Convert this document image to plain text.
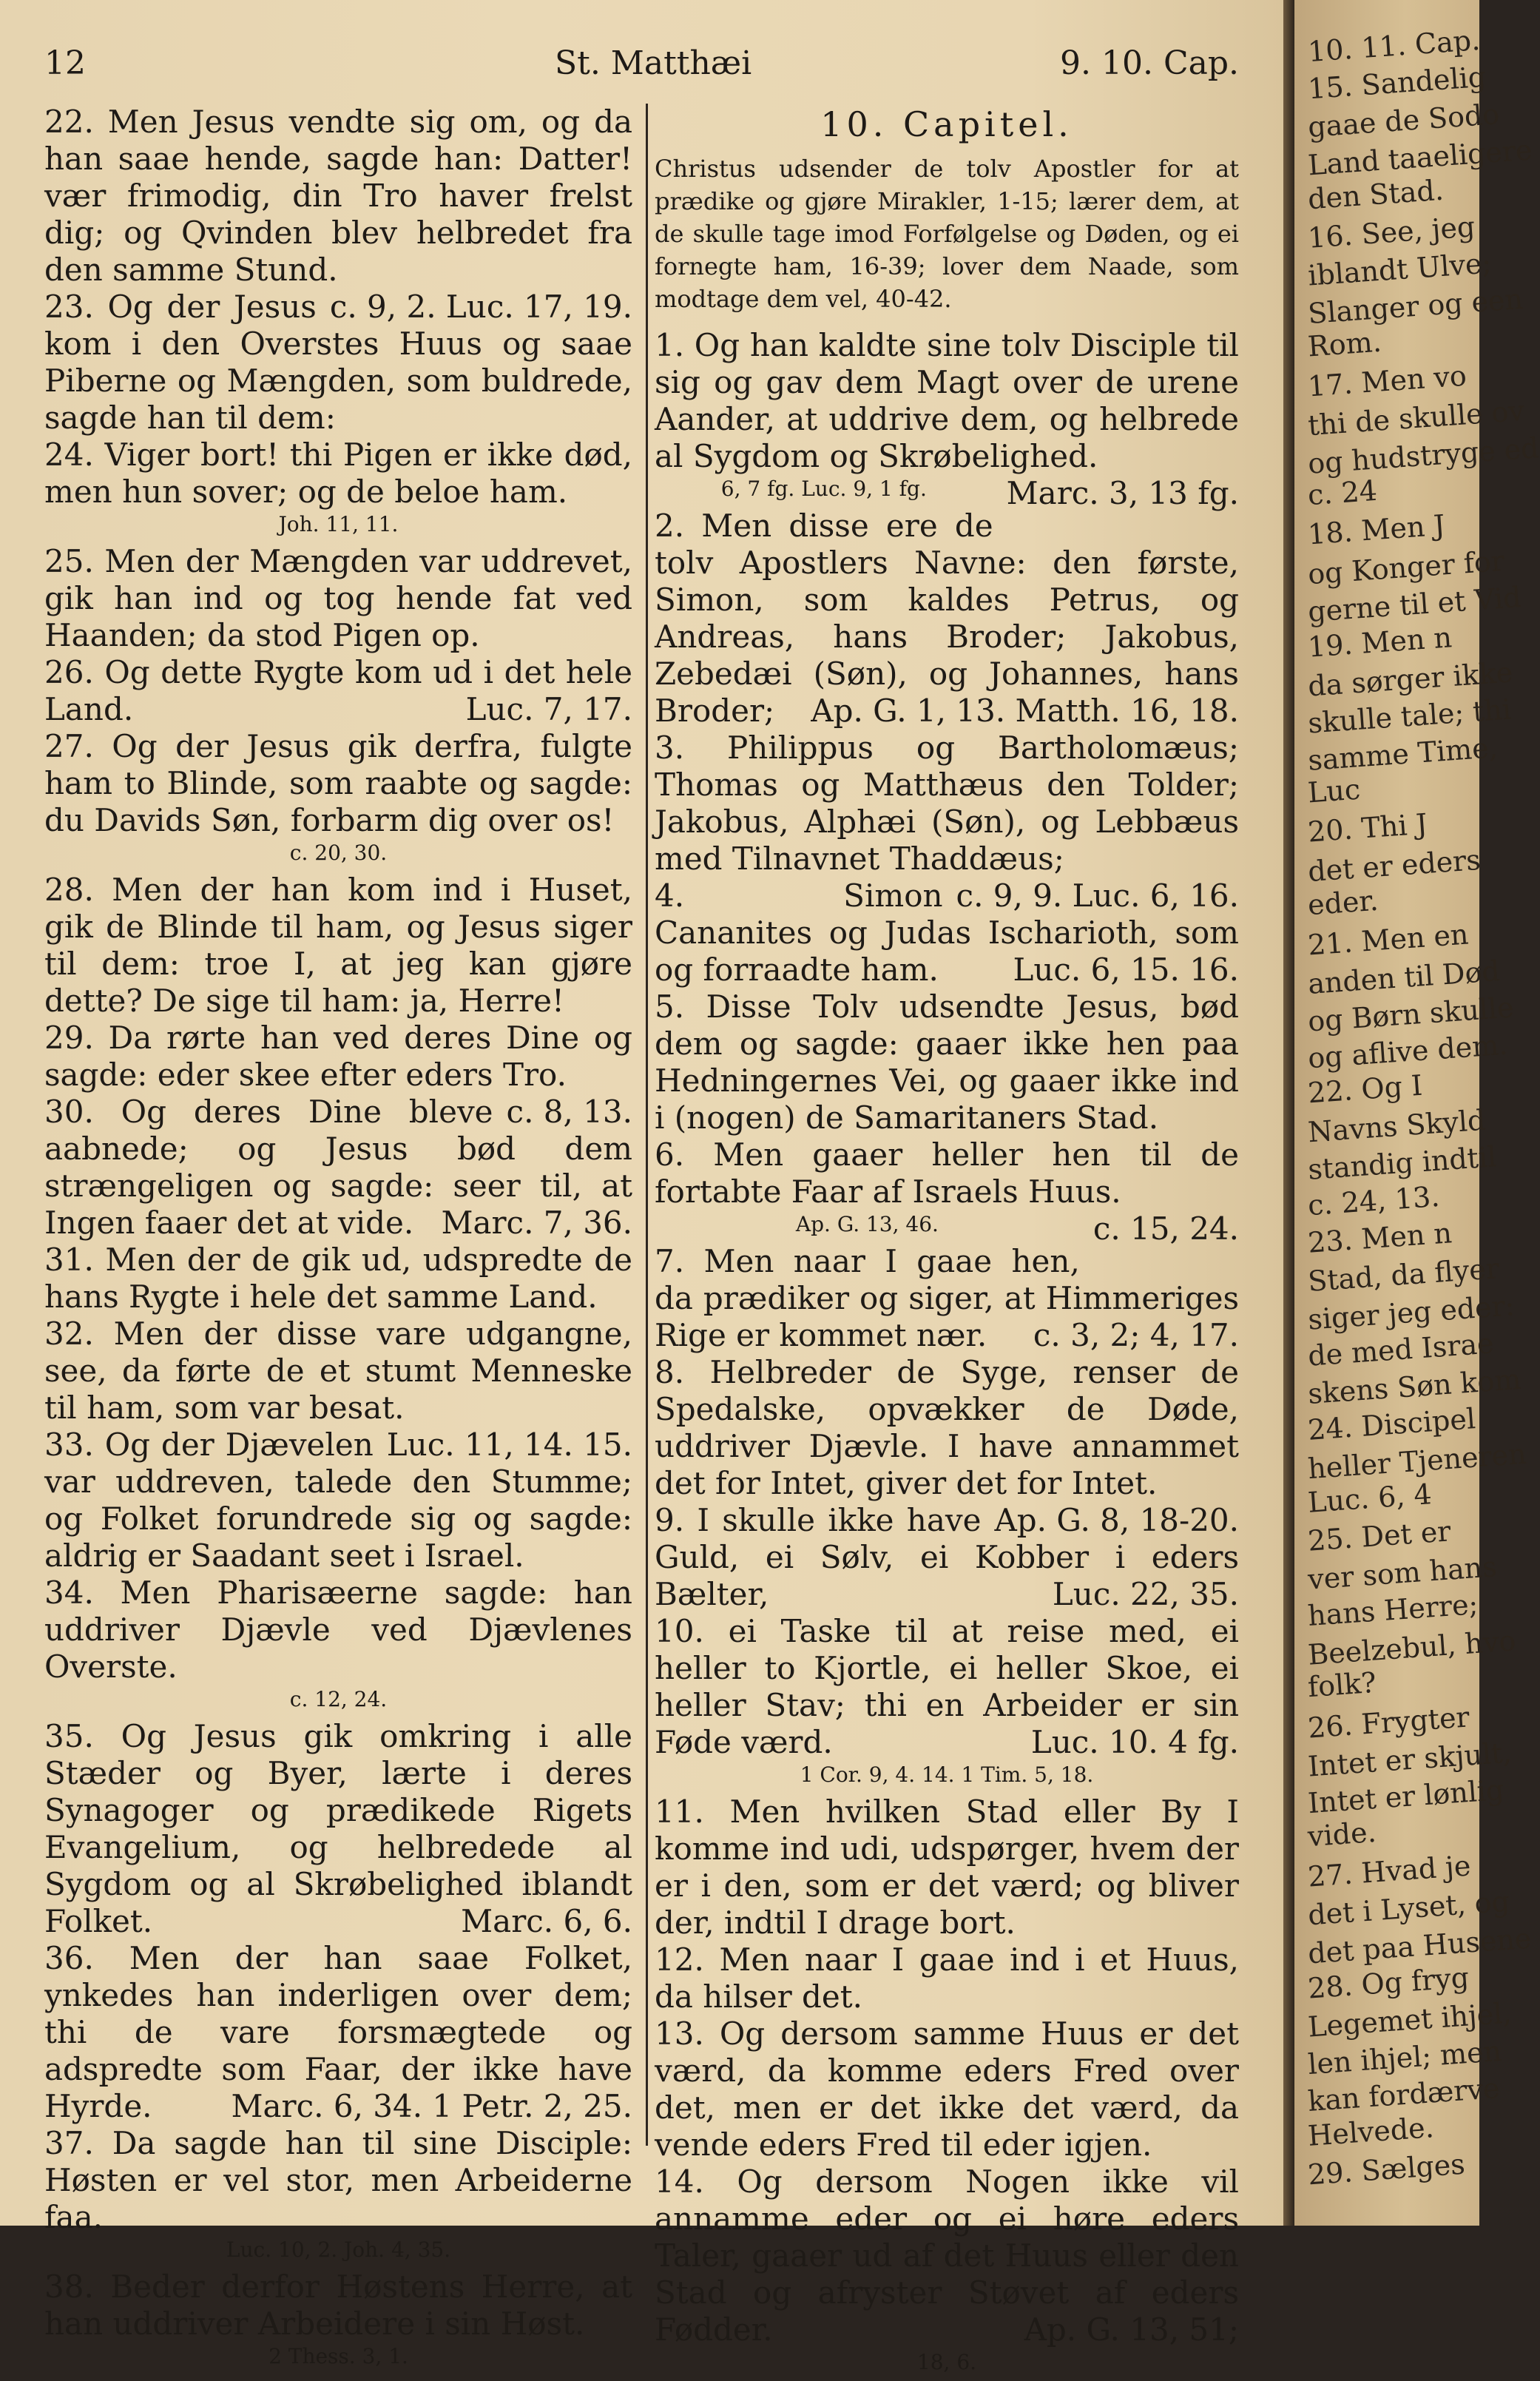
12	St. Matthæi	9. 10. Cap.

22. Men Jesus vendte sig om, og da han saae hende, sagde han: Datter! vær frimodig, din Tro haver frelst dig; og Qvinden blev helbredet fra den samme Stund.
c. 9, 2. Luc. 17, 19.

23. Og der Jesus kom i den Overstes Huus og saae Piberne og Mængden, som buldrede, sagde han til dem:

24. Viger bort! thi Pigen er ikke død, men hun sover; og de beloe ham.

Joh. 11, 11.

25. Men der Mængden var uddrevet, gik han ind og tog hende fat ved Haanden; da stod Pigen op.

26. Og dette Rygte kom ud i det hele Land.	Luc. 7, 17.

27. Og der Jesus gik derfra, fulgte ham to Blinde, som raabte og sagde: du Davids Søn, forbarm dig over os!

c. 20, 30.

28. Men der han kom ind i Huset, gik de Blinde til ham, og Jesus siger til dem: troe I, at jeg kan gjøre dette? De sige til ham: ja, Herre!

29. Da rørte han ved deres Dine og sagde: eder skee efter eders Tro.
c. 8, 13.

30. Og deres Dine bleve aabnede; og Jesus bød dem strængeligen og sagde: seer til, at Ingen faaer det at vide. Marc. 7, 36.

31. Men der de gik ud, udspredte de hans Rygte i hele det samme Land.

32. Men der disse vare udgangne, see, da førte de et stumt Menneske til ham, som var besat.
Luc. 11, 14. 15.

33. Og der Djævelen var uddreven, talede den Stumme; og Folket forundrede sig og sagde: aldrig er Saadant seet i Israel.

34. Men Pharisæerne sagde: han uddriver Djævle ved Djævlenes Overste.

c. 12, 24.

35. Og Jesus gik omkring i alle Stæder og Byer, lærte i deres Synagoger og prædikede Rigets Evangelium, og helbredede al Sygdom og al Skrøbelighed iblandt Folket.	Marc. 6, 6.

36. Men der han saae Folket, ynkedes han inderligen over dem; thi de vare forsmægtede og adspredte som Faar, der ikke have Hyrde.	Marc. 6, 34. 1 Petr. 2, 25.

37. Da sagde han til sine Disciple: Høsten er vel stor, men Arbeiderne faa.

Luc. 10, 2. Joh. 4, 35.

38. Beder derfor Høstens Herre, at han uddriver Arbeidere i sin Høst.

2 Thess. 3, 1.
10. Capitel.
Christus udsender de tolv Apostler for at prædike og gjøre Mirakler, 1-15; lærer dem, at de skulle tage imod Forfølgelse og Døden, og ei fornegte ham, 16-39; lover dem Naade, som modtage dem vel, 40-42.

1. Og han kaldte sine tolv Disciple til sig og gav dem Magt over de urene Aander, at uddrive dem, og helbrede al Sygdom og Skrøbelighed.
Marc. 3, 13 fg.

6, 7 fg. Luc. 9, 1 fg.

2. Men disse ere de tolv Apostlers Navne: den første, Simon, som kaldes Petrus, og Andreas, hans Broder; Jakobus, Zebedæi (Søn), og Johannes, hans Broder; Ap. G. 1, 13. Matth. 16, 18.

3. Philippus og Bartholomæus; Thomas og Matthæus den Tolder; Jakobus, Alphæi (Søn), og Lebbæus med Tilnavnet Thaddæus;
c. 9, 9. Luc. 6, 16.

4. Simon Cananites og Judas Ischarioth, som og forraadte ham. Luc. 6, 15. 16.

5. Disse Tolv udsendte Jesus, bød dem og sagde: gaaer ikke hen paa Hedningernes Vei, og gaaer ikke ind i (nogen) de Samaritaners Stad.

6. Men gaaer heller hen til de fortabte Faar af Israels Huus.
c. 15, 24.

Ap. G. 13, 46.

7. Men naar I gaae hen, da prædiker og siger, at Himmeriges Rige er kommet nær. c. 3, 2; 4, 17.

8. Helbreder de Syge, renser de Spedalske, opvækker de Døde, uddriver Djævle. I have annammet det for Intet, giver det for Intet.
Ap. G. 8, 18-20.

9. I skulle ikke have Guld, ei Sølv, ei Kobber i eders Bælter,	Luc. 22, 35.

10. ei Taske til at reise med, ei heller to Kjortle, ei heller Skoe, ei heller Stav; thi en Arbeider er sin Føde værd.	Luc. 10. 4 fg.

1 Cor. 9, 4. 14. 1 Tim. 5, 18.

11. Men hvilken Stad eller By I komme ind udi, udspørger, hvem der er i den, som er det værd; og bliver der, indtil I drage bort.

12. Men naar I gaae ind i et Huus, da hilser det.

13. Og dersom samme Huus er det værd, da komme eders Fred over det, men er det ikke det værd, da vende eders Fred til eder igjen.

14. Og dersom Nogen ikke vil annamme eder og ei høre eders Taler, gaaer ud af det Huus eller den Stad og afryster Støvet af eders Fødder.	Ap. G. 13, 51;

18, 6.
10. 11. Cap.
15. Sandelig
gaae de Sodo
Land taaeligere
den Stad.
16. See, jeg
iblandt Ulve;
Slanger og een
Rom.
17. Men vo
thi de skulle ov
og hudstryge ed
c. 24
18. Men J
og Konger for
gerne til et Vid
19. Men n
da sørger ikke
skulle tale; thi
samme Time,
Luc
20. Thi J
det er eders
eder.
21. Men en
anden til Død
og Børn skulle
og aflive dem.
22. Og I
Navns Skyld
standig indtil
c. 24, 13.
23. Men n
Stad, da flyer
siger jeg eder:
de med Israe
skens Søn kom
24. Discipel
heller Tjeneren
Luc. 6, 4
25. Det er
ver som hans
hans Herre;
Beelzebul, hvo
folk?
26. Frygter
Intet er skjult,
Intet er lønlig
vide.
27. Hvad je
det i Lyset, og
det paa Husene
28. Og fryg
Legemet ihjel,
len ihjel; men
kan fordærve
Helvede.
29. Sælges
